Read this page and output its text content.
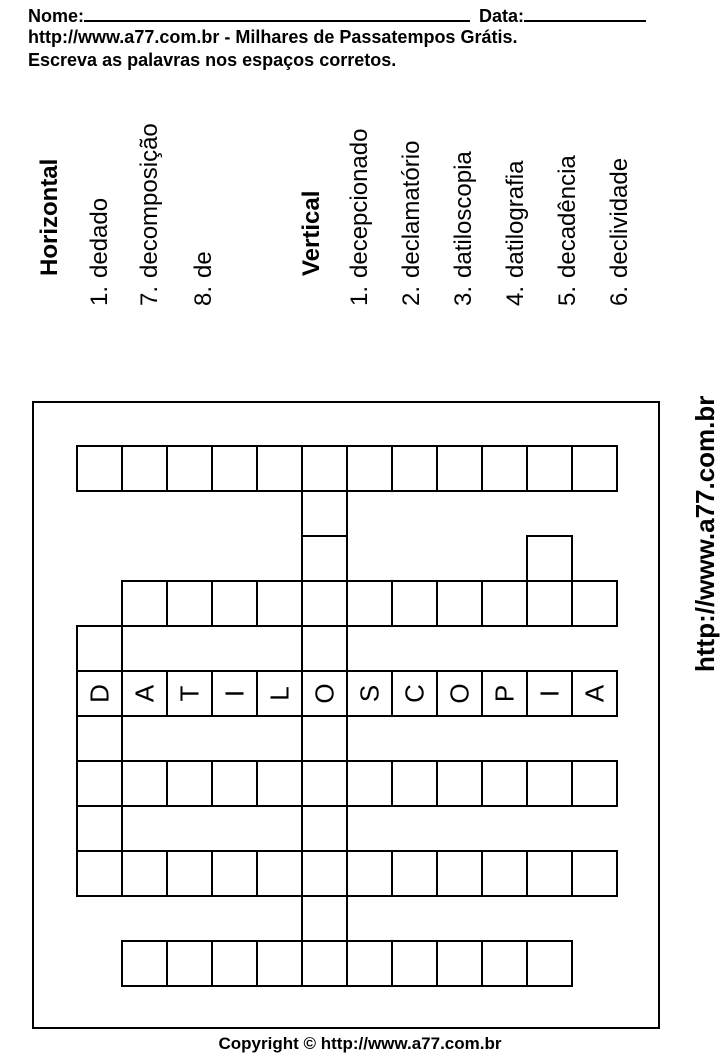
Nome:	Data:
http://www.a77.com.br - Milhares de Passatempos Grátis.
Escreva as palavras nos espaços corretos.
Horizontal
1.dedado
7.decomposição
8.de	Vertical
1.decepcionado
2.declamatório
3.datiloscopia
4.datilografia
5.decadência
6.declividade
D A T I L O S C O P I A
http://www.a77.com.br
Copyright © http://www.a77.com.br
